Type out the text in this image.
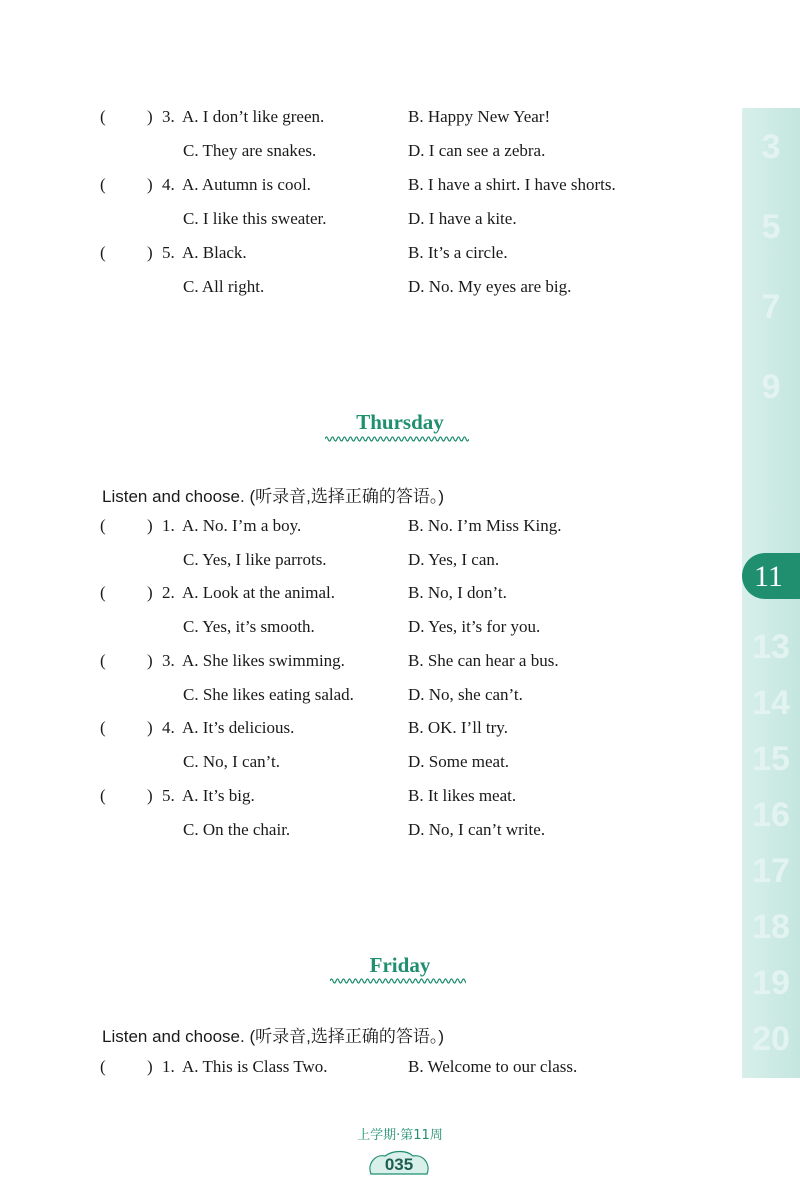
3
5
7
9
13
14
15
16
17
18
19
20
11
( ) 3. A. I don’t like green.	B. Happy New Year!
C. They are snakes.	D. I can see a zebra.
( ) 4. A. Autumn is cool.	B. I have a shirt. I have shorts.
C. I like this sweater.	D. I have a kite.
( ) 5. A. Black.	B. It’s a circle.
C. All right.	D. No. My eyes are big.
Thursday
Listen and choose. (听录音,选择正确的答语。)
( ) 1. A. No. I’m a boy.	B. No. I’m Miss King.
C. Yes, I like parrots.	D. Yes, I can.
( ) 2. A. Look at the animal.	B. No, I don’t.
C. Yes, it’s smooth.	D. Yes, it’s for you.
( ) 3. A. She likes swimming.	B. She can hear a bus.
C. She likes eating salad.	D. No, she can’t.
( ) 4. A. It’s delicious.	B. OK. I’ll try.
C. No, I can’t.	D. Some meat.
( ) 5. A. It’s big.	B. It likes meat.
C. On the chair.	D. No, I can’t write.
Friday
Listen and choose. (听录音,选择正确的答语。)
( ) 1. A. This is Class Two.	B. Welcome to our class.
上学期·第11周
035
